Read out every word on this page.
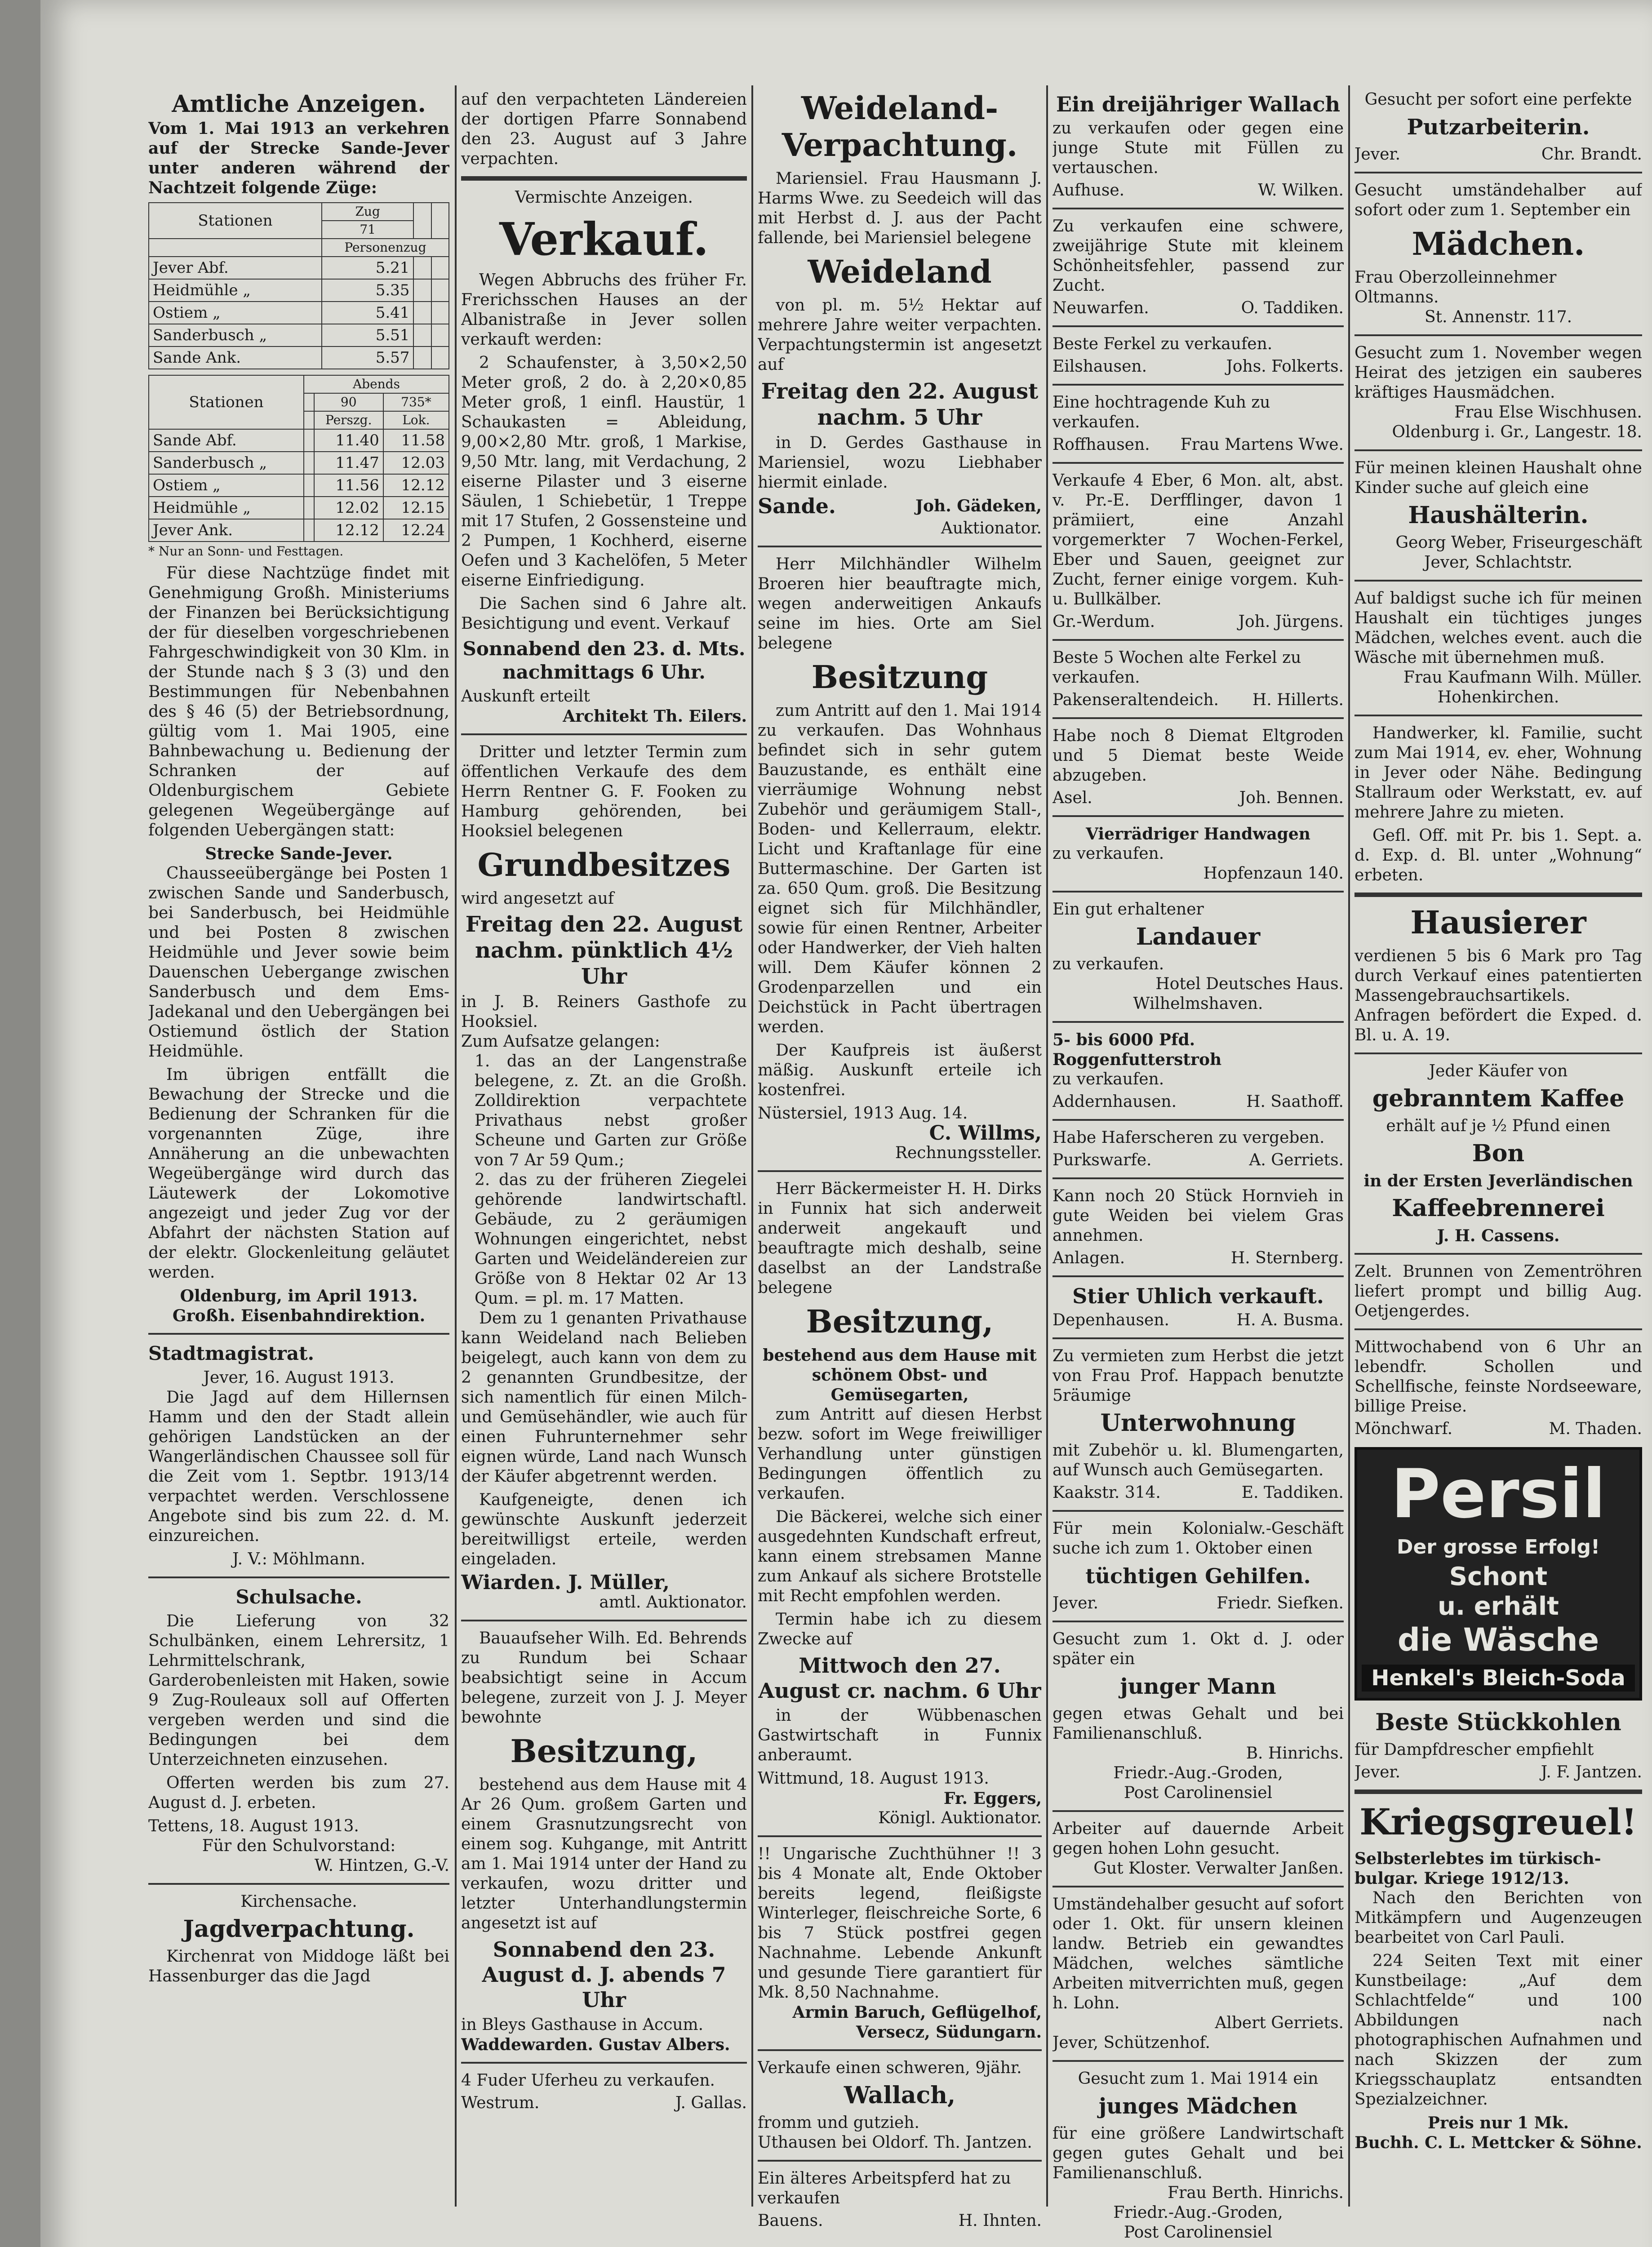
Amtliche Anzeigen.
Vom 1. Mai 1913 an verkehren auf der Strecke Sande-Jever unter anderen während der Nachtzeit folgende Züge:
Stationen	Zug		
	71		
	Personenzug		
Jever Abf.	5.21		
Heidmühle „	5.35		
Ostiem „	5.41		
Sanderbusch „	5.51		
Sande Ank.	5.57		
Stationen	Abends		
		90	735*
		Perszg.	Lok.
Sande Abf.		11.40	11.58
Sanderbusch „		11.47	12.03
Ostiem „		11.56	12.12
Heidmühle „		12.02	12.15
Jever Ank.		12.12	12.24
* Nur an Sonn- und Festtagen.
Für diese Nachtzüge findet mit Genehmigung Großh. Ministeriums der Finanzen bei Berücksichtigung der für dieselben vorgeschriebenen Fahrgeschwindigkeit von 30 Klm. in der Stunde nach § 3 (3) und den Bestimmungen für Nebenbahnen des § 46 (5) der Betriebsordnung, gültig vom 1. Mai 1905, eine Bahnbewachung u. Bedienung der Schranken der auf Oldenburgischem Gebiete gelegenen Wegeübergänge auf folgenden Uebergängen statt:
Strecke Sande-Jever.
Chausseeübergänge bei Posten 1 zwischen Sande und Sanderbusch, bei Sanderbusch, bei Heidmühle und bei Posten 8 zwischen Heidmühle und Jever sowie beim Dauenschen Uebergange zwischen Sanderbusch und dem Ems-Jadekanal und den Uebergängen bei Ostiemund östlich der Station Heidmühle.
Im übrigen entfällt die Bewachung der Strecke und die Bedienung der Schranken für die vorgenannten Züge, ihre Annäherung an die unbewachten Wegeübergänge wird durch das Läutewerk der Lokomotive angezeigt und jeder Zug vor der Abfahrt der nächsten Station auf der elektr. Glockenleitung geläutet werden.
Oldenburg, im April 1913.
Großh. Eisenbahndirektion.
Stadtmagistrat.
Jever, 16. August 1913.
Die Jagd auf dem Hillernsen Hamm und den der Stadt allein gehörigen Landstücken an der Wangerländischen Chaussee soll für die Zeit vom 1. Septbr. 1913/14 verpachtet werden. Verschlossene Angebote sind bis zum 22. d. M. einzureichen.
J. V.: Möhlmann.
Schulsache.
Die Lieferung von 32 Schulbänken, einem Lehrersitz, 1 Lehrmittelschrank, Garderobenleisten mit Haken, sowie 9 Zug-Rouleaux soll auf Offerten vergeben werden und sind die Bedingungen bei dem Unterzeichneten einzusehen.
Offerten werden bis zum 27. August d. J. erbeten.
Tettens, 18. August 1913.
Für den Schulvorstand:
W. Hintzen, G.-V.
Kirchensache.
Jagdverpachtung.
Kirchenrat von Middoge läßt bei Hassenburger das die Jagd
auf den verpachteten Ländereien der dortigen Pfarre Sonnabend den 23. August auf 3 Jahre verpachten.
Vermischte Anzeigen.
Verkauf.
Wegen Abbruchs des früher Fr. Frerichsschen Hauses an der Albanistraße in Jever sollen verkauft werden:
2 Schaufenster, à 3,50×2,50 Meter groß, 2 do. à 2,20×0,85 Meter groß, 1 einfl. Haustür, 1 Schaukasten = Ableidung, 9,00×2,80 Mtr. groß, 1 Markise, 9,50 Mtr. lang, mit Verdachung, 2 eiserne Pilaster und 3 eiserne Säulen, 1 Schiebetür, 1 Treppe mit 17 Stufen, 2 Gossensteine und 2 Pumpen, 1 Kochherd, eiserne Oefen und 3 Kachelöfen, 5 Meter eiserne Einfriedigung.
Die Sachen sind 6 Jahre alt. Besichtigung und event. Verkauf
Sonnabend den 23. d. Mts. nachmittags 6 Uhr.
Auskunft erteilt
Architekt Th. Eilers.
Dritter und letzter Termin zum öffentlichen Verkaufe des dem Herrn Rentner G. F. Fooken zu Hamburg gehörenden, bei Hooksiel belegenen
Grundbesitzes
wird angesetzt auf
Freitag den 22. August nachm. pünktlich 4½ Uhr
in J. B. Reiners Gasthofe zu Hooksiel.
Zum Aufsatze gelangen:
1. das an der Langenstraße belegene, z. Zt. an die Großh. Zolldirektion verpachtete Privathaus nebst großer Scheune und Garten zur Größe von 7 Ar 59 Qum.;
2. das zu der früheren Ziegelei gehörende landwirtschaftl. Gebäude, zu 2 geräumigen Wohnungen eingerichtet, nebst Garten und Weideländereien zur Größe von 8 Hektar 02 Ar 13 Qum. = pl. m. 17 Matten.
Dem zu 1 genanten Privathause kann Weideland nach Belieben beigelegt, auch kann von dem zu 2 genannten Grundbesitze, der sich namentlich für einen Milch- und Gemüsehändler, wie auch für einen Fuhrunternehmer sehr eignen würde, Land nach Wunsch der Käufer abgetrennt werden.
Kaufgeneigte, denen ich gewünschte Auskunft jederzeit bereitwilligst erteile, werden eingeladen.
Wiarden. J. Müller,
amtl. Auktionator.
Bauaufseher Wilh. Ed. Behrends zu Rundum bei Schaar beabsichtigt seine in Accum belegene, zurzeit von J. J. Meyer bewohnte
Besitzung,
bestehend aus dem Hause mit 4 Ar 26 Qum. großem Garten und einem Grasnutzungsrecht von einem sog. Kuhgange, mit Antritt am 1. Mai 1914 unter der Hand zu verkaufen, wozu dritter und letzter Unterhandlungstermin angesetzt ist auf
Sonnabend den 23. August d. J. abends 7 Uhr
in Bleys Gasthause in Accum.
Waddewarden. Gustav Albers.
4 Fuder Uferheu zu verkaufen.
Westrum.	J. Gallas.
Weideland-
Verpachtung.
Mariensiel. Frau Hausmann J. Harms Wwe. zu Seedeich will das mit Herbst d. J. aus der Pacht fallende, bei Mariensiel belegene
Weideland
von pl. m. 5½ Hektar auf mehrere Jahre weiter verpachten. Verpachtungstermin ist angesetzt auf
Freitag den 22. August nachm. 5 Uhr
in D. Gerdes Gasthause in Mariensiel, wozu Liebhaber hiermit einlade.
Sande.	Joh. Gädeken,
Auktionator.
Herr Milchhändler Wilhelm Broeren hier beauftragte mich, wegen anderweitigen Ankaufs seine im hies. Orte am Siel belegene
Besitzung
zum Antritt auf den 1. Mai 1914 zu verkaufen. Das Wohnhaus befindet sich in sehr gutem Bauzustande, es enthält eine vierräumige Wohnung nebst Zubehör und geräumigem Stall-, Boden- und Kellerraum, elektr. Licht und Kraftanlage für eine Buttermaschine. Der Garten ist za. 650 Qum. groß. Die Besitzung eignet sich für Milchhändler, sowie für einen Rentner, Arbeiter oder Handwerker, der Vieh halten will. Dem Käufer können 2 Grodenparzellen und ein Deichstück in Pacht übertragen werden.
Der Kaufpreis ist äußerst mäßig. Auskunft erteile ich kostenfrei.
Nüstersiel, 1913 Aug. 14.
C. Willms,
Rechnungssteller.
Herr Bäckermeister H. H. Dirks in Funnix hat sich anderweit anderweit angekauft und beauftragte mich deshalb, seine daselbst an der Landstraße belegene
Besitzung,
bestehend aus dem Hause mit schönem Obst- und Gemüsegarten,
zum Antritt auf diesen Herbst bezw. sofort im Wege freiwilliger Verhandlung unter günstigen Bedingungen öffentlich zu verkaufen.
Die Bäckerei, welche sich einer ausgedehnten Kundschaft erfreut, kann einem strebsamen Manne zum Ankauf als sichere Brotstelle mit Recht empfohlen werden.
Termin habe ich zu diesem Zwecke auf
Mittwoch den 27. August cr. nachm. 6 Uhr
in der Wübbenaschen Gastwirtschaft in Funnix anberaumt.
Wittmund, 18. August 1913.
Fr. Eggers,
Königl. Auktionator.
!! Ungarische Zuchthühner !! 3 bis 4 Monate alt, Ende Oktober bereits legend, fleißigste Winterleger, fleischreiche Sorte, 6 bis 7 Stück postfrei gegen Nachnahme. Lebende Ankunft und gesunde Tiere garantiert für Mk. 8,50 Nachnahme.
Armin Baruch, Geflügelhof, Versecz, Südungarn.
Verkaufe einen schweren, 9jähr.
Wallach,
fromm und gutzieh.
Uthausen bei Oldorf. Th. Jantzen.
Ein älteres Arbeitspferd hat zu verkaufen
Bauens.	H. Ihnten.
Ein dreijähriger Wallach
zu verkaufen oder gegen eine junge Stute mit Füllen zu vertauschen.
Aufhuse.	W. Wilken.
Zu verkaufen eine schwere, zweijährige Stute mit kleinem Schönheitsfehler, passend zur Zucht.
Neuwarfen.	O. Taddiken.
Beste Ferkel zu verkaufen.
Eilshausen.	Johs. Folkerts.
Eine hochtragende Kuh zu verkaufen.
Roffhausen. Frau Martens Wwe.
Verkaufe 4 Eber, 6 Mon. alt, abst. v. Pr.-E. Derfflinger, davon 1 prämiiert, eine Anzahl vorgemerkter 7 Wochen-Ferkel, Eber und Sauen, geeignet zur Zucht, ferner einige vorgem. Kuh- u. Bullkälber.
Gr.-Werdum.	Joh. Jürgens.
Beste 5 Wochen alte Ferkel zu verkaufen.
Pakenseraltendeich. H. Hillerts.
Habe noch 8 Diemat Eltgroden und 5 Diemat beste Weide abzugeben.
Asel.	Joh. Bennen.
Vierrädriger Handwagen
zu verkaufen.
Hopfenzaun 140.
Ein gut erhaltener
Landauer
zu verkaufen.
Hotel Deutsches Haus.
Wilhelmshaven.
5- bis 6000 Pfd. Roggenfutterstroh
zu verkaufen.
Addernhausen.	H. Saathoff.
Habe Haferscheren zu vergeben.
Purkswarfe.	A. Gerriets.
Kann noch 20 Stück Hornvieh in gute Weiden bei vielem Gras annehmen.
Anlagen.	H. Sternberg.
Stier Uhlich verkauft.
Depenhausen.	H. A. Busma.
Zu vermieten zum Herbst die jetzt von Frau Prof. Happach benutzte 5räumige
Unterwohnung
mit Zubehör u. kl. Blumengarten, auf Wunsch auch Gemüsegarten.
Kaakstr. 314.	E. Taddiken.
Für mein Kolonialw.-Geschäft suche ich zum 1. Oktober einen
tüchtigen Gehilfen.
Jever.	Friedr. Siefken.
Gesucht zum 1. Okt d. J. oder später ein
junger Mann
gegen etwas Gehalt und bei Familienanschluß.
B. Hinrichs.
Friedr.-Aug.-Groden,
Post Carolinensiel
Arbeiter auf dauernde Arbeit gegen hohen Lohn gesucht.
Gut Kloster. Verwalter Janßen.
Umständehalber gesucht auf sofort oder 1. Okt. für unsern kleinen landw. Betrieb ein gewandtes Mädchen, welches sämtliche Arbeiten mitverrichten muß, gegen h. Lohn.
Albert Gerriets.
Jever, Schützenhof.
Gesucht zum 1. Mai 1914 ein
junges Mädchen
für eine größere Landwirtschaft gegen gutes Gehalt und bei Familienanschluß.
Frau Berth. Hinrichs.
Friedr.-Aug.-Groden,
Post Carolinensiel
Gesucht per sofort eine perfekte
Putzarbeiterin.
Jever.	Chr. Brandt.
Gesucht umständehalber auf sofort oder zum 1. September ein
Mädchen.
Frau Oberzolleinnehmer Oltmanns.
St. Annenstr. 117.
Gesucht zum 1. November wegen Heirat des jetzigen ein sauberes kräftiges Hausmädchen.
Frau Else Wischhusen.
Oldenburg i. Gr., Langestr. 18.
Für meinen kleinen Haushalt ohne Kinder suche auf gleich eine
Haushälterin.
Georg Weber, Friseurgeschäft
Jever, Schlachtstr.
Auf baldigst suche ich für meinen Haushalt ein tüchtiges junges Mädchen, welches event. auch die Wäsche mit übernehmen muß.
Frau Kaufmann Wilh. Müller.
Hohenkirchen.
Handwerker, kl. Familie, sucht zum Mai 1914, ev. eher, Wohnung in Jever oder Nähe. Bedingung Stallraum oder Werkstatt, ev. auf mehrere Jahre zu mieten.
Gefl. Off. mit Pr. bis 1. Sept. a. d. Exp. d. Bl. unter „Wohnung“ erbeten.
Hausierer
verdienen 5 bis 6 Mark pro Tag durch Verkauf eines patentierten Massengebrauchsartikels. Anfragen befördert die Exped. d. Bl. u. A. 19.
Jeder Käufer von
gebranntem Kaffee
erhält auf je ½ Pfund einen
Bon
in der Ersten Jeverländischen
Kaffeebrennerei
J. H. Cassens.
Zelt. Brunnen von Zementröhren liefert prompt und billig Aug. Oetjengerdes.
Mittwochabend von 6 Uhr an lebendfr. Schollen und Schellfische, feinste Nordseeware, billige Preise.
Mönchwarf.	M. Thaden.
Persil
Der grosse Erfolg!
Schont
u. erhält
die Wäsche
Henkel's Bleich-Soda
Beste Stückkohlen
für Dampfdrescher empfiehlt
Jever.	J. F. Jantzen.
Kriegsgreuel!
Selbsterlebtes im türkisch-bulgar. Kriege 1912/13.
Nach den Berichten von Mitkämpfern und Augenzeugen bearbeitet von Carl Pauli.
224 Seiten Text mit einer Kunstbeilage: „Auf dem Schlachtfelde“ und 100 Abbildungen nach photographischen Aufnahmen und nach Skizzen der zum Kriegsschauplatz entsandten Spezialzeichner.
Preis nur 1 Mk.
Buchh. C. L. Mettcker & Söhne.
